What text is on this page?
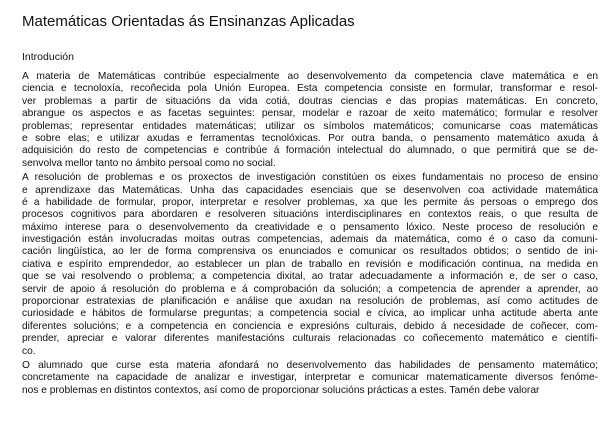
Matemáticas Orientadas ás Ensinanzas Aplicadas
Introdución
A materia de Matemáticas contribúe especialmente ao desenvolvemento da competencia clave matemática e en
ciencia e tecnoloxía, recoñecida pola Unión Europea. Esta competencia consiste en formular, transformar e resol-
ver problemas a partir de situacións da vida cotiá, doutras ciencias e das propias matemáticas. En concreto,
abrangue os aspectos e as facetas seguintes: pensar, modelar e razoar de xeito matemático; formular e resolver
problemas; representar entidades matemáticas; utilizar os símbolos matemáticos; comunicarse coas matemáticas
e sobre elas; e utilizar axudas e ferramentas tecnolóxicas. Por outra banda, o pensamento matemático axuda á
adquisición do resto de competencias e contribúe á formación intelectual do alumnado, o que permitirá que se de-
senvolva mellor tanto no ámbito persoal como no social.
A resolución de problemas e os proxectos de investigación constitúen os eixes fundamentais no proceso de ensino
e aprendizaxe das Matemáticas. Unha das capacidades esenciais que se desenvolven coa actividade matemática
é a habilidade de formular, propor, interpretar e resolver problemas, xa que les permite ás persoas o emprego dos
procesos cognitivos para abordaren e resolveren situacións interdisciplinares en contextos reais, o que resulta de
máximo interese para o desenvolvemento da creatividade e o pensamento lóxico. Neste proceso de resolución e
investigación están involucradas moitas outras competencias, ademais da matemática, como é o caso da comuni-
cación lingüística, ao ler de forma comprensiva os enunciados e comunicar os resultados obtidos; o sentido de ini-
ciativa e espírito emprendedor, ao establecer un plan de traballo en revisión e modificación continua, na medida en
que se vai resolvendo o problema; a competencia dixital, ao tratar adecuadamente a información e, de ser o caso,
servir de apoio á resolución do problema e á comprobación da solución; a competencia de aprender a aprender, ao
proporcionar estratexias de planificación e análise que axudan na resolución de problemas, así como actitudes de
curiosidade e hábitos de formularse preguntas; a competencia social e cívica, ao implicar unha actitude aberta ante
diferentes solucións; e a competencia en conciencia e expresións culturais, debido á necesidade de coñecer, com-
prender, apreciar e valorar diferentes manifestacións culturais relacionadas co coñecemento matemático e científi-
co.
O alumnado que curse esta materia afondará no desenvolvemento das habilidades de pensamento matemático;
concretamente na capacidade de analizar e investigar, interpretar e comunicar matematicamente diversos fenóme-
nos e problemas en distintos contextos, así como de proporcionar solucións prácticas a estes. Tamén debe valorar
